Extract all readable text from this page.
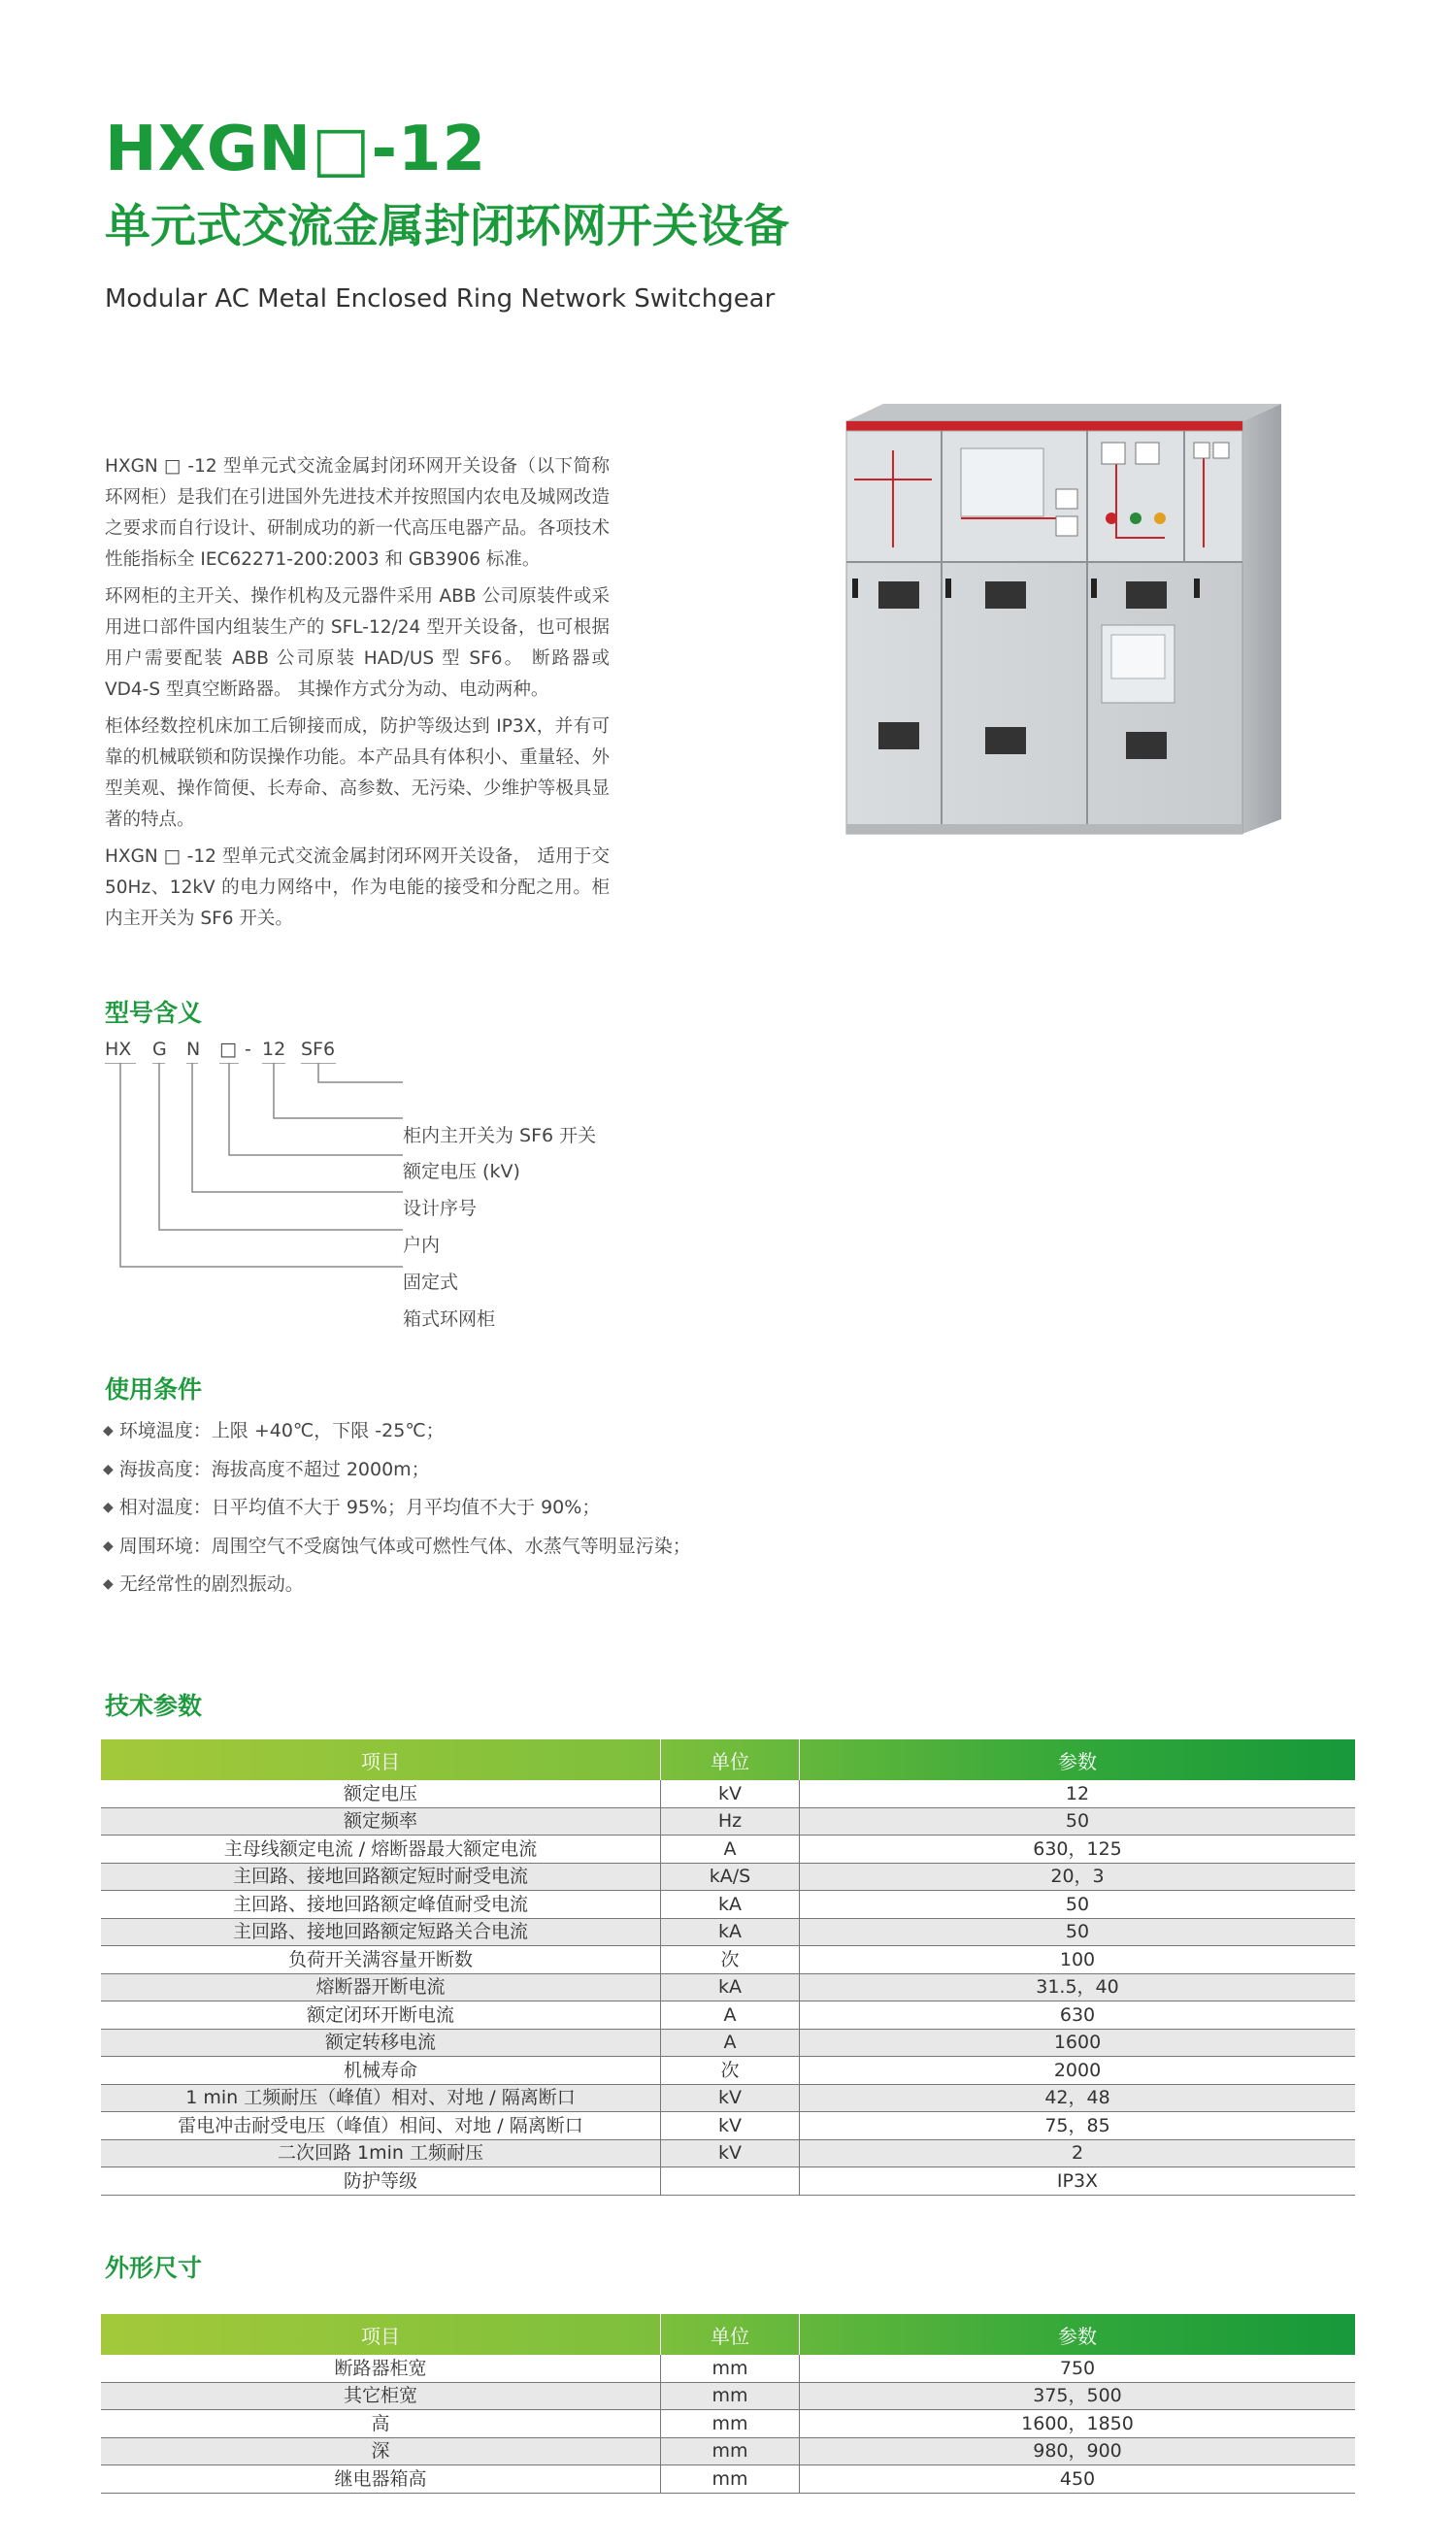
HXGN□-12
单元式交流金属封闭环网开关设备
Modular AC Metal Enclosed Ring Network Switchgear

HXGN □ -12 型单元式交流金属封闭环网开关设备（以下简称环网柜）是我们在引进国外先进技术并按照国内农电及城网改造之要求而自行设计、研制成功的新一代高压电器产品。各项技术性能指标全 IEC62271-200:2003 和 GB3906 标准。

环网柜的主开关、操作机构及元器件采用 ABB 公司原装件或采用进口部件国内组装生产的 SFL-12/24 型开关设备，也可根据用户需要配装 ABB 公司原装 HAD/US 型 SF6。 断路器或 VD4-S 型真空断路器。 其操作方式分为动、电动两种。

柜体经数控机床加工后铆接而成，防护等级达到 IP3X，并有可靠的机械联锁和防误操作功能。本产品具有体积小、重量轻、外型美观、操作简便、长寿命、高参数、无污染、少维护等极具显著的特点。

HXGN □ -12 型单元式交流金属封闭环网开关设备， 适用于交 50Hz、12kV 的电力网络中，作为电能的接受和分配之用。柜内主开关为 SF6 开关。

型号含义
HX G N □ - 12 SF6
柜内主开关为 SF6 开关
额定电压 (kV)
设计序号
户内
固定式
箱式环网柜
使用条件
◆ 环境温度：上限 +40℃，下限 -25℃；
◆ 海拔高度：海拔高度不超过 2000m；
◆ 相对温度：日平均值不大于 95%；月平均值不大于 90%；
◆ 周围环境：周围空气不受腐蚀气体或可燃性气体、水蒸气等明显污染；
◆ 无经常性的剧烈振动。
技术参数
项目	单位	参数
额定电压	kV	12
额定频率	Hz	50
主母线额定电流 / 熔断器最大额定电流	A	630，125
主回路、接地回路额定短时耐受电流	kA/S	20，3
主回路、接地回路额定峰值耐受电流	kA	50
主回路、接地回路额定短路关合电流	kA	50
负荷开关满容量开断数	次	100
熔断器开断电流	kA	31.5，40
额定闭环开断电流	A	630
额定转移电流	A	1600
机械寿命	次	2000
1 min 工频耐压（峰值）相对、对地 / 隔离断口	kV	42，48
雷电冲击耐受电压（峰值）相间、对地 / 隔离断口	kV	75，85
二次回路 1min 工频耐压	kV	2
防护等级		IP3X
外形尺寸
项目	单位	参数
断路器柜宽	mm	750
其它柜宽	mm	375，500
高	mm	1600，1850
深	mm	980，900
继电器箱高	mm	450
